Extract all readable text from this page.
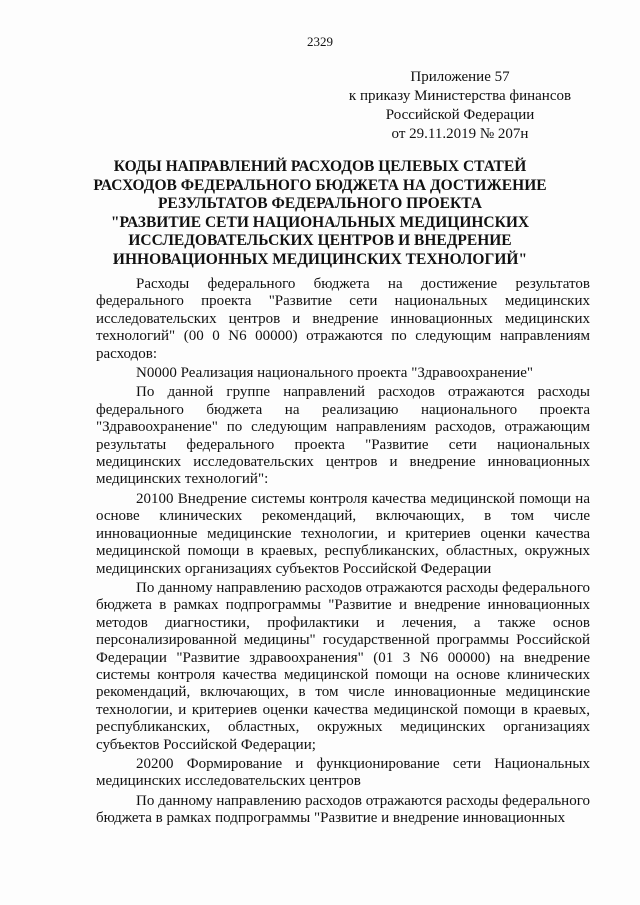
2329
Приложение 57
к приказу Министерства финансов
Российской Федерации
от 29.11.2019 № 207н
КОДЫ НАПРАВЛЕНИЙ РАСХОДОВ ЦЕЛЕВЫХ СТАТЕЙ
РАСХОДОВ ФЕДЕРАЛЬНОГО БЮДЖЕТА НА ДОСТИЖЕНИЕ
РЕЗУЛЬТАТОВ ФЕДЕРАЛЬНОГО ПРОЕКТА
"РАЗВИТИЕ СЕТИ НАЦИОНАЛЬНЫХ МЕДИЦИНСКИХ
ИССЛЕДОВАТЕЛЬСКИХ ЦЕНТРОВ И ВНЕДРЕНИЕ
ИННОВАЦИОННЫХ МЕДИЦИНСКИХ ТЕХНОЛОГИЙ"

Расходы федерального бюджета на достижение результатов федерального проекта "Развитие сети национальных медицинских исследовательских центров и внедрение инновационных медицинских технологий" (00 0 N6 00000) отражаются по следующим направлениям расходов:

N0000 Реализация национального проекта "Здравоохранение"

По данной группе направлений расходов отражаются расходы федерального бюджета на реализацию национального проекта "Здравоохранение" по следующим направлениям расходов, отражающим результаты федерального проекта "Развитие сети национальных медицинских исследовательских центров и внедрение инновационных медицинских технологий":

20100 Внедрение системы контроля качества медицинской помощи на основе клинических рекомендаций, включающих, в том числе инновационные медицинские технологии, и критериев оценки качества медицинской помощи в краевых, республиканских, областных, окружных медицинских организациях субъектов Российской Федерации

По данному направлению расходов отражаются расходы федерального бюджета в рамках подпрограммы "Развитие и внедрение инновационных методов диагностики, профилактики и лечения, а также основ персонализированной медицины" государственной программы Российской Федерации "Развитие здравоохранения" (01 3 N6 00000) на внедрение системы контроля качества медицинской помощи на основе клинических рекомендаций, включающих, в том числе инновационные медицинские технологии, и критериев оценки качества медицинской помощи в краевых, республиканских, областных, окружных медицинских организациях субъектов Российской Федерации;

20200 Формирование и функционирование сети Национальных медицинских исследовательских центров

По данному направлению расходов отражаются расходы федерального бюджета в рамках подпрограммы "Развитие и внедрение инновационных
